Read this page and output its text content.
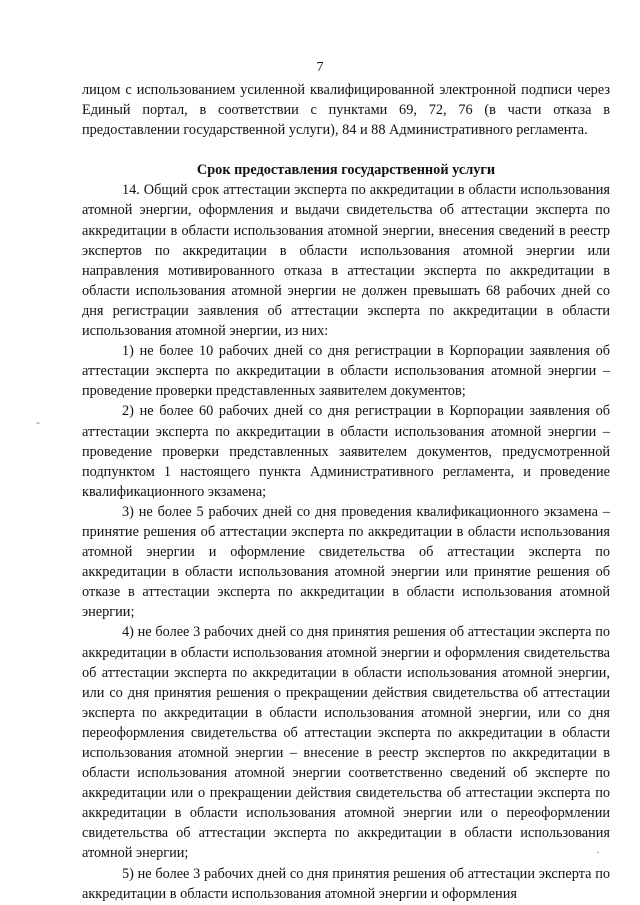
7

лицом с использованием усиленной квалифицированной электронной подписи через Единый портал, в соответствии с пунктами 69, 72, 76 (в части отказа в предоставлении государственной услуги), 84 и 88 Административного регламента.

Срок предоставления государственной услуги

14. Общий срок аттестации эксперта по аккредитации в области использования атомной энергии, оформления и выдачи свидетельства об аттестации эксперта по аккредитации в области использования атомной энергии, внесения сведений в реестр экспертов по аккредитации в области использования атомной энергии или направления мотивированного отказа в аттестации эксперта по аккредитации в области использования атомной энергии не должен превышать 68 рабочих дней со дня регистрации заявления об аттестации эксперта по аккредитации в области использования атомной энергии, из них:

1) не более 10 рабочих дней со дня регистрации в Корпорации заявления об аттестации эксперта по аккредитации в области использования атомной энергии – проведение проверки представленных заявителем документов;

2) не более 60 рабочих дней со дня регистрации в Корпорации заявления об аттестации эксперта по аккредитации в области использования атомной энергии – проведение проверки представленных заявителем документов, предусмотренной подпунктом 1 настоящего пункта Административного регламента, и проведение квалификационного экзамена;

3) не более 5 рабочих дней со дня проведения квалификационного экзамена – принятие решения об аттестации эксперта по аккредитации в области использования атомной энергии и оформление свидетельства об аттестации эксперта по аккредитации в области использования атомной энергии или принятие решения об отказе в аттестации эксперта по аккредитации в области использования атомной энергии;

4) не более 3 рабочих дней со дня принятия решения об аттестации эксперта по аккредитации в области использования атомной энергии и оформления свидетельства об аттестации эксперта по аккредитации в области использования атомной энергии, или со дня принятия решения о прекращении действия свидетельства об аттестации эксперта по аккредитации в области использования атомной энергии, или со дня переоформления свидетельства об аттестации эксперта по аккредитации в области использования атомной энергии – внесение в реестр экспертов по аккредитации в области использования атомной энергии соответственно сведений об эксперте по аккредитации или о прекращении действия свидетельства об аттестации эксперта по аккредитации в области использования атомной энергии или о переоформлении свидетельства об аттестации эксперта по аккредитации в области использования атомной энергии;

5) не более 3 рабочих дней со дня принятия решения об аттестации эксперта по аккредитации в области использования атомной энергии и оформления

-
·
